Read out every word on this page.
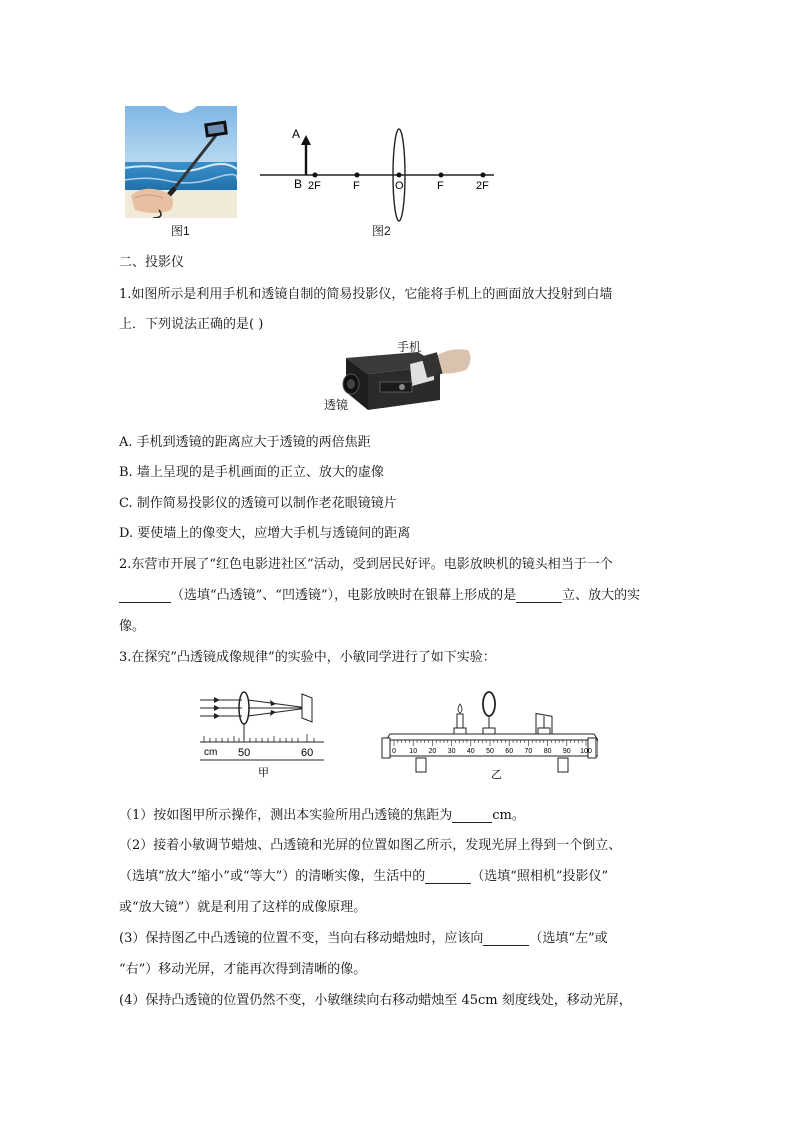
图1
A
B 2F	F	O	F	2F
图2
二、投影仪
1.如图所示是利用手机和透镜自制的简易投影仪，它能将手机上的画面放大投射到白墙
上．下列说法正确的是( )
手机
透镜
A. 手机到透镜的距离应大于透镜的两倍焦距
B. 墙上呈现的是手机画面的正立、放大的虚像
C. 制作简易投影仪的透镜可以制作老花眼镜镜片
D. 要使墙上的像变大，应增大手机与透镜间的距离
2.东营市开展了“红色电影进社区”活动，受到居民好评。电影放映机的镜头相当于一个
（选填“凸透镜”、“凹透镜”），电影放映时在银幕上形成的是	立、放大的实
像。
3.在探究”凸透镜成像规律”的实验中，小敏同学进行了如下实验：
cm 50	60
甲
0 10 20 30 40 50 60 70 80 90 100
乙
（1）按如图甲所示操作，测出本实验所用凸透镜的焦距为	cm。
（2）接着小敏调节蜡烛、凸透镜和光屏的位置如图乙所示，发现光屏上得到一个倒立、
（选填“放大”缩小”或“等大”）的清晰实像，生活中的	（选填“照相机”投影仪”
或“放大镜”）就是利用了这样的成像原理。
(3）保持图乙中凸透镜的位置不变，当向右移动蜡烛时，应该向	（选填“左”或
“右”）移动光屏，才能再次得到清晰的像。
(4）保持凸透镜的位置仍然不变，小敏继续向右移动蜡烛至 45cm 刻度线处，移动光屏，
